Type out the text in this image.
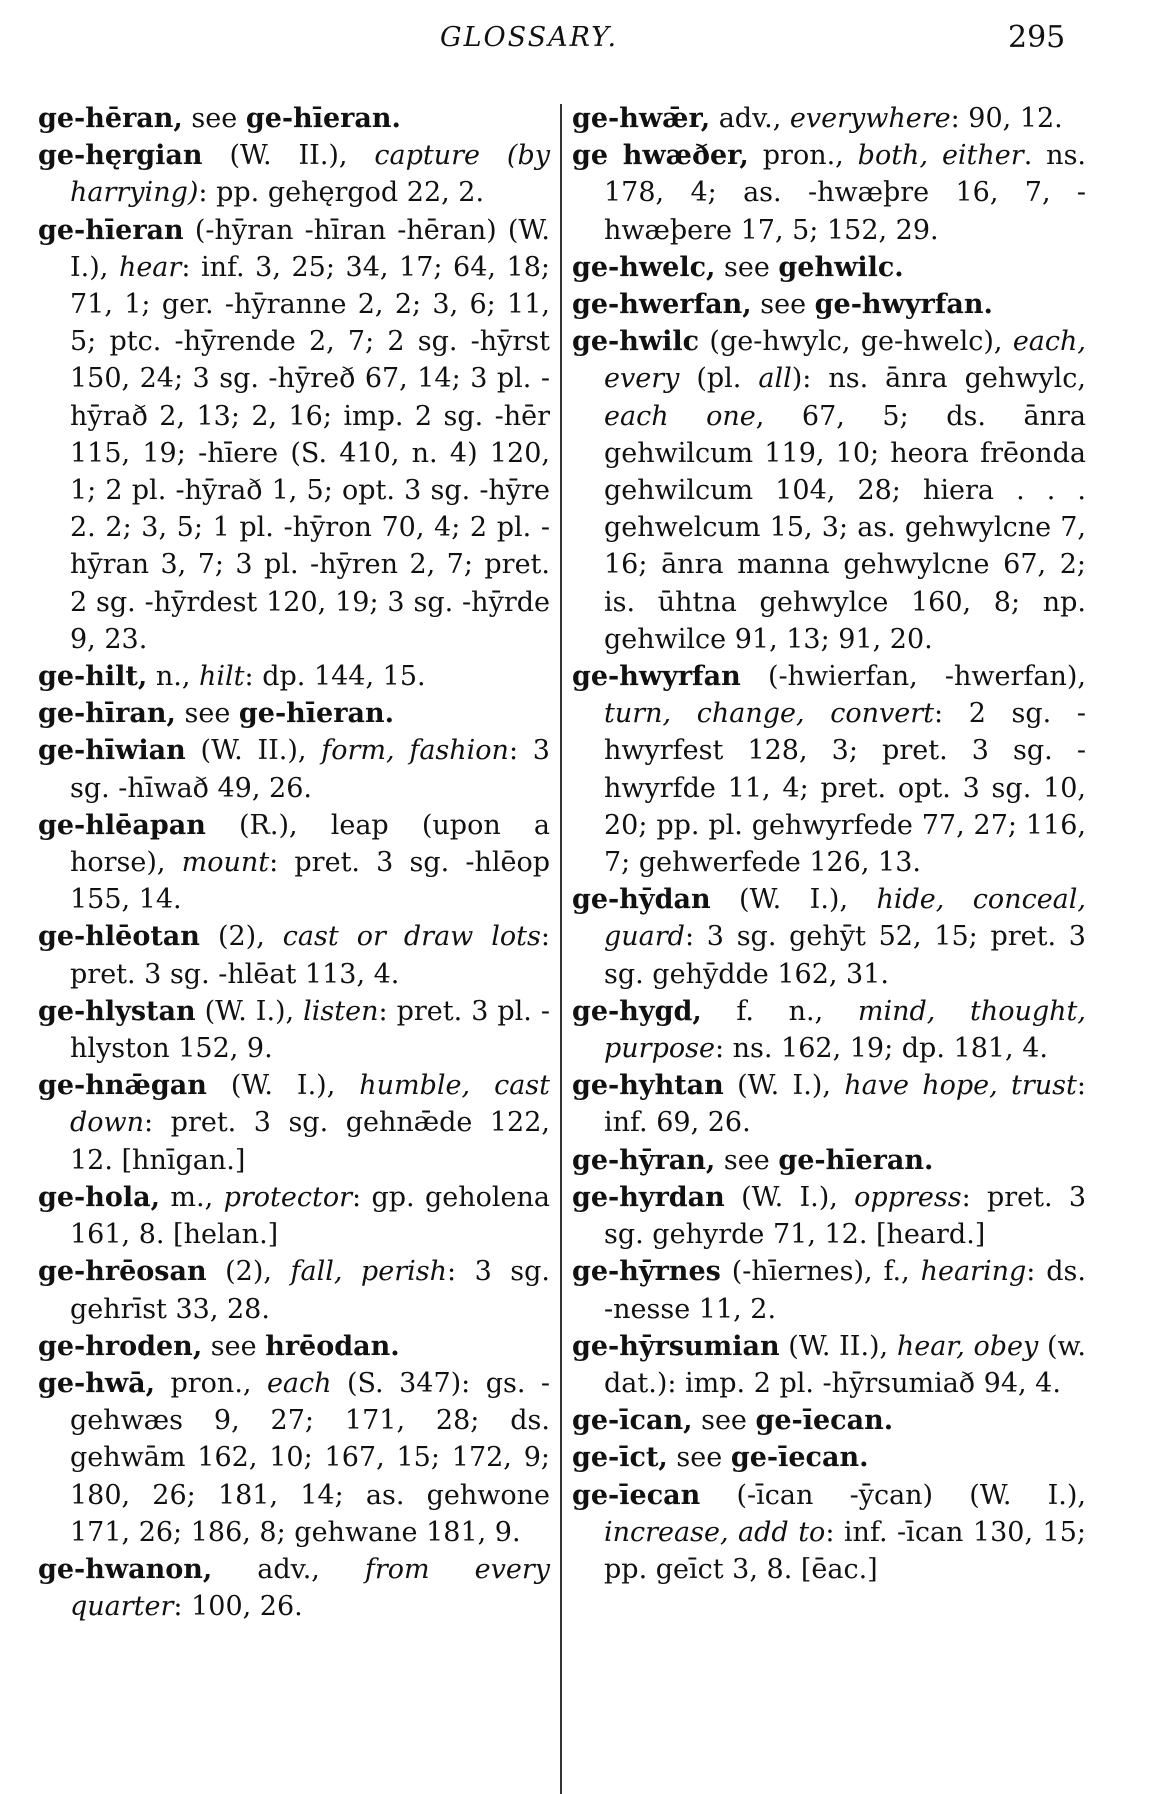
GLOSSARY.	295

ge-hēran, see ge-hīeran.

ge-hęrgian (W. II.), capture (by harrying): pp. gehęrgod 22, 2.

ge-hīeran (-hȳran -hīran -hēran) (W. I.), hear: inf. 3, 25; 34, 17; 64, 18; 71, 1; ger. -hȳranne 2, 2; 3, 6; 11, 5; ptc. -hȳrende 2, 7; 2 sg. -hȳrst 150, 24; 3 sg. -hȳreð 67, 14; 3 pl. -hȳrað 2, 13; 2, 16; imp. 2 sg. -hēr 115, 19; -hīere (S. 410, n. 4) 120, 1; 2 pl. -hȳrað 1, 5; opt. 3 sg. -hȳre 2. 2; 3, 5; 1 pl. -hȳron 70, 4; 2 pl. -hȳran 3, 7; 3 pl. -hȳren 2, 7; pret. 2 sg. -hȳrdest 120, 19; 3 sg. -hȳrde 9, 23.

ge-hilt, n., hilt: dp. 144, 15.

ge-hīran, see ge-hīeran.

ge-hīwian (W. II.), form, fashion: 3 sg. -hīwað 49, 26.

ge-hlēapan (R.), leap (upon a horse), mount: pret. 3 sg. -hlēop 155, 14.

ge-hlēotan (2), cast or draw lots: pret. 3 sg. -hlēat 113, 4.

ge-hlystan (W. I.), listen: pret. 3 pl. -hlyston 152, 9.

ge-hnǣgan (W. I.), humble, cast down: pret. 3 sg. gehnǣde 122, 12. [hnīgan.]

ge-hola, m., protector: gp. geholena 161, 8. [helan.]

ge-hrēosan (2), fall, perish: 3 sg. gehrīst 33, 28.

ge-hroden, see hrēodan.

ge-hwā, pron., each (S. 347): gs. -gehwæs 9, 27; 171, 28; ds. gehwām 162, 10; 167, 15; 172, 9; 180, 26; 181, 14; as. gehwone 171, 26; 186, 8; gehwane 181, 9.

ge-hwanon, adv., from every quarter: 100, 26.

ge-hwǣr, adv., everywhere: 90, 12.

ge hwæðer, pron., both, either. ns. 178, 4; as. -hwæþre 16, 7, -hwæþere 17, 5; 152, 29.

ge-hwelc, see gehwilc.

ge-hwerfan, see ge-hwyrfan.

ge-hwilc (ge-hwylc, ge-hwelc), each, every (pl. all): ns. ānra gehwylc, each one, 67, 5; ds. ānra gehwilcum 119, 10; heora frēonda gehwilcum 104, 28; hiera . . . gehwelcum 15, 3; as. gehwylcne 7, 16; ānra manna gehwylcne 67, 2; is. ūhtna gehwylce 160, 8; np. gehwilce 91, 13; 91, 20.

ge-hwyrfan (-hwierfan, -hwerfan), turn, change, convert: 2 sg. -hwyrfest 128, 3; pret. 3 sg. -hwyrfde 11, 4; pret. opt. 3 sg. 10, 20; pp. pl. gehwyrfede 77, 27; 116, 7; gehwerfede 126, 13.

ge-hȳdan (W. I.), hide, conceal, guard: 3 sg. gehȳt 52, 15; pret. 3 sg. gehȳdde 162, 31.

ge-hygd, f. n., mind, thought, purpose: ns. 162, 19; dp. 181, 4.

ge-hyhtan (W. I.), have hope, trust: inf. 69, 26.

ge-hȳran, see ge-hīeran.

ge-hyrdan (W. I.), oppress: pret. 3 sg. gehyrde 71, 12. [heard.]

ge-hȳrnes (-hīernes), f., hearing: ds. -nesse 11, 2.

ge-hȳrsumian (W. II.), hear, obey (w. dat.): imp. 2 pl. -hȳrsumiað 94, 4.

ge-īcan, see ge-īecan.

ge-īct, see ge-īecan.

ge-īecan (-īcan -ȳcan) (W. I.), increase, add to: inf. -īcan 130, 15; pp. geīct 3, 8. [ēac.]
